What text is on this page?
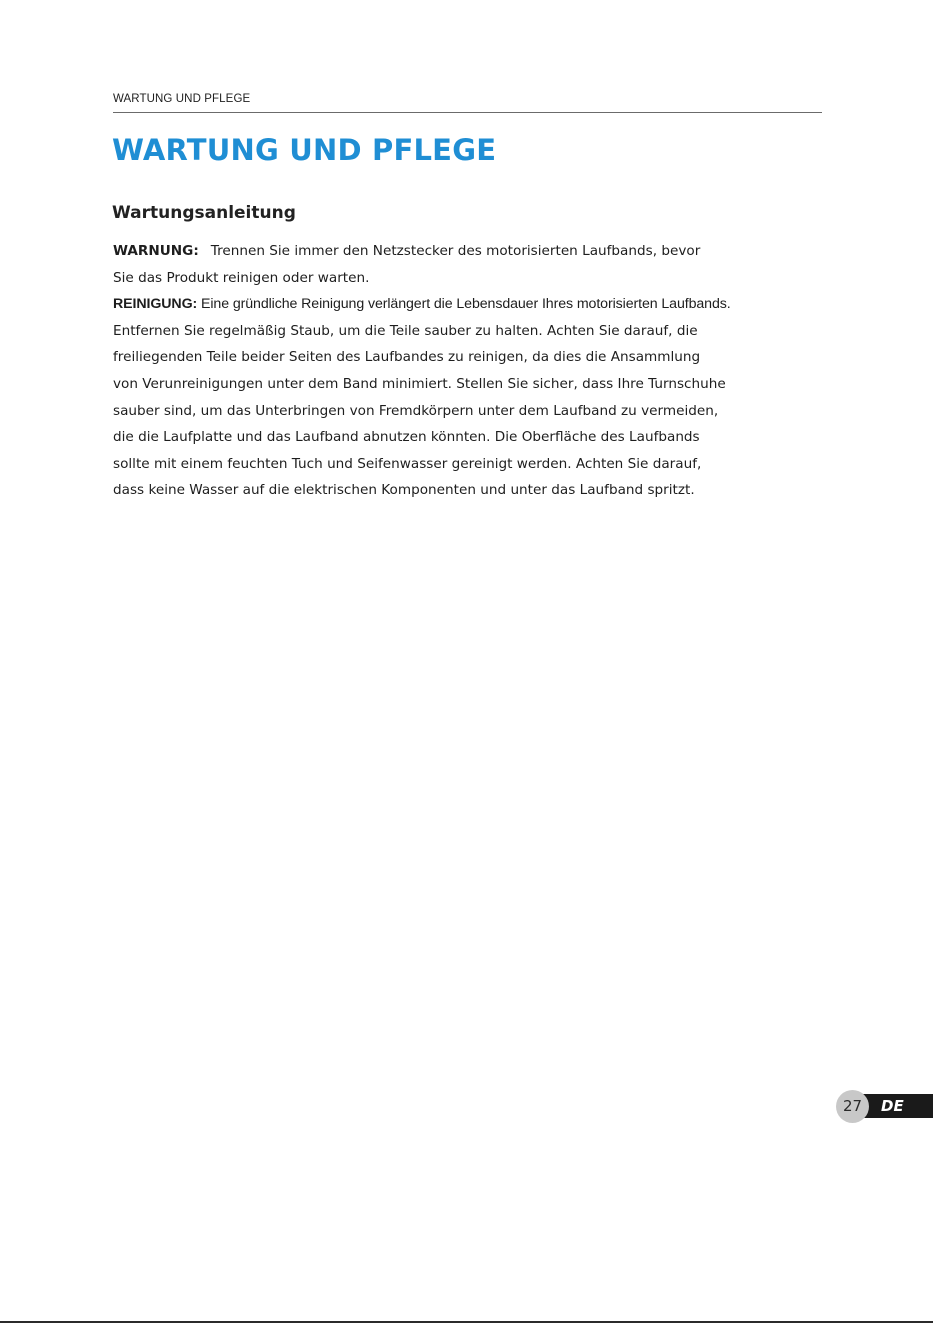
WARTUNG UND PFLEGE
WARTUNG UND PFLEGE
Wartungsanleitung
WARNUNG: Trennen Sie immer den Netzstecker des motorisierten Laufbands, bevor
Sie das Produkt reinigen oder warten.
REINIGUNG: Eine gründliche Reinigung verlängert die Lebensdauer Ihres motorisierten Laufbands.
Entfernen Sie regelmäßig Staub, um die Teile sauber zu halten. Achten Sie darauf, die
freiliegenden Teile beider Seiten des Laufbandes zu reinigen, da dies die Ansammlung
von Verunreinigungen unter dem Band minimiert. Stellen Sie sicher, dass Ihre Turnschuhe
sauber sind, um das Unterbringen von Fremdkörpern unter dem Laufband zu vermeiden,
die die Laufplatte und das Laufband abnutzen könnten. Die Oberfläche des Laufbands
sollte mit einem feuchten Tuch und Seifenwasser gereinigt werden. Achten Sie darauf,
dass keine Wasser auf die elektrischen Komponenten und unter das Laufband spritzt.
DE
27
